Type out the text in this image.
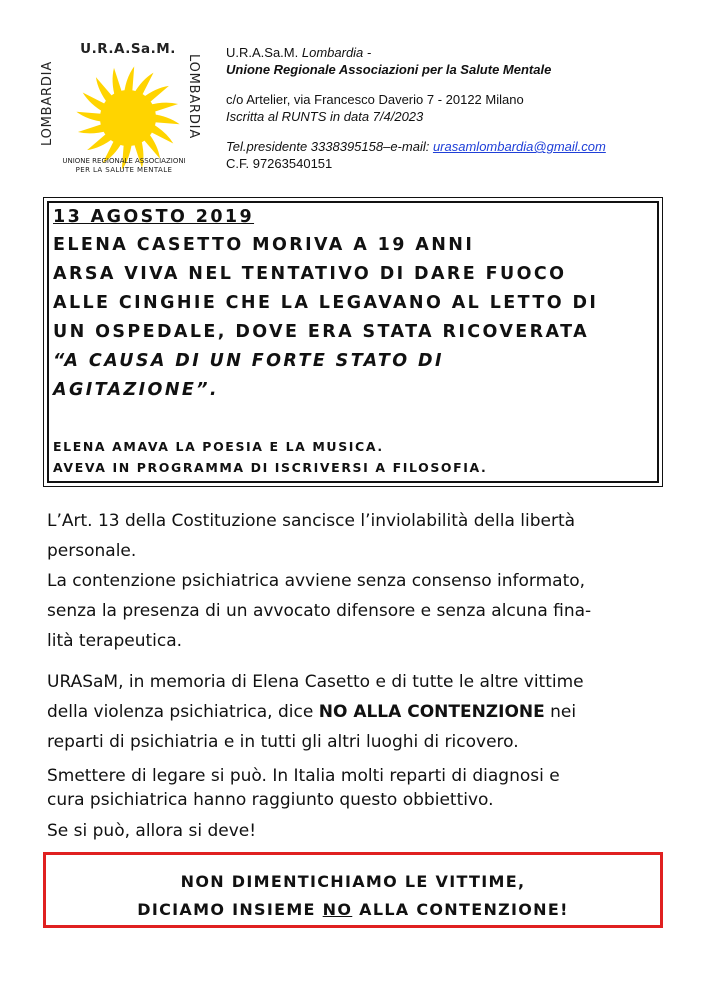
U.R.A.Sa.M.
LOMBARDIA	LOMBARDIA
UNIONE REGIONALE ASSOCIAZIONI
PER LA SALUTE MENTALE
U.R.A.Sa.M. Lombardia -
Unione Regionale Associazioni per la Salute Mentale
c/o Artelier, via Francesco Daverio 7 - 20122 Milano
Iscritta al RUNTS in data 7/4/2023
Tel.presidente 3338395158–e-mail: urasamlombardia@gmail.com
C.F. 97263540151
13 AGOSTO 2019
ELENA CASETTO MORIVA A 19 ANNI
ARSA VIVA NEL TENTATIVO DI DARE FUOCO
ALLE CINGHIE CHE LA LEGAVANO AL LETTO DI
UN OSPEDALE, DOVE ERA STATA RICOVERATA
“A CAUSA DI UN FORTE STATO DI
AGITAZIONE”.
ELENA AMAVA LA POESIA E LA MUSICA.
AVEVA IN PROGRAMMA DI ISCRIVERSI A FILOSOFIA.
L’Art. 13 della Costituzione sancisce l’inviolabilità della libertà
personale.
La contenzione psichiatrica avviene senza consenso informato,
senza la presenza di un avvocato difensore e senza alcuna fina-
lità terapeutica.
URASaM, in memoria di Elena Casetto e di tutte le altre vittime
della violenza psichiatrica, dice NO ALLA CONTENZIONE nei
reparti di psichiatria e in tutti gli altri luoghi di ricovero.
Smettere di legare si può. In Italia molti reparti di diagnosi e
cura psichiatrica hanno raggiunto questo obbiettivo.
Se si può, allora si deve!
NON DIMENTICHIAMO LE VITTIME,
DICIAMO INSIEME NO ALLA CONTENZIONE!
